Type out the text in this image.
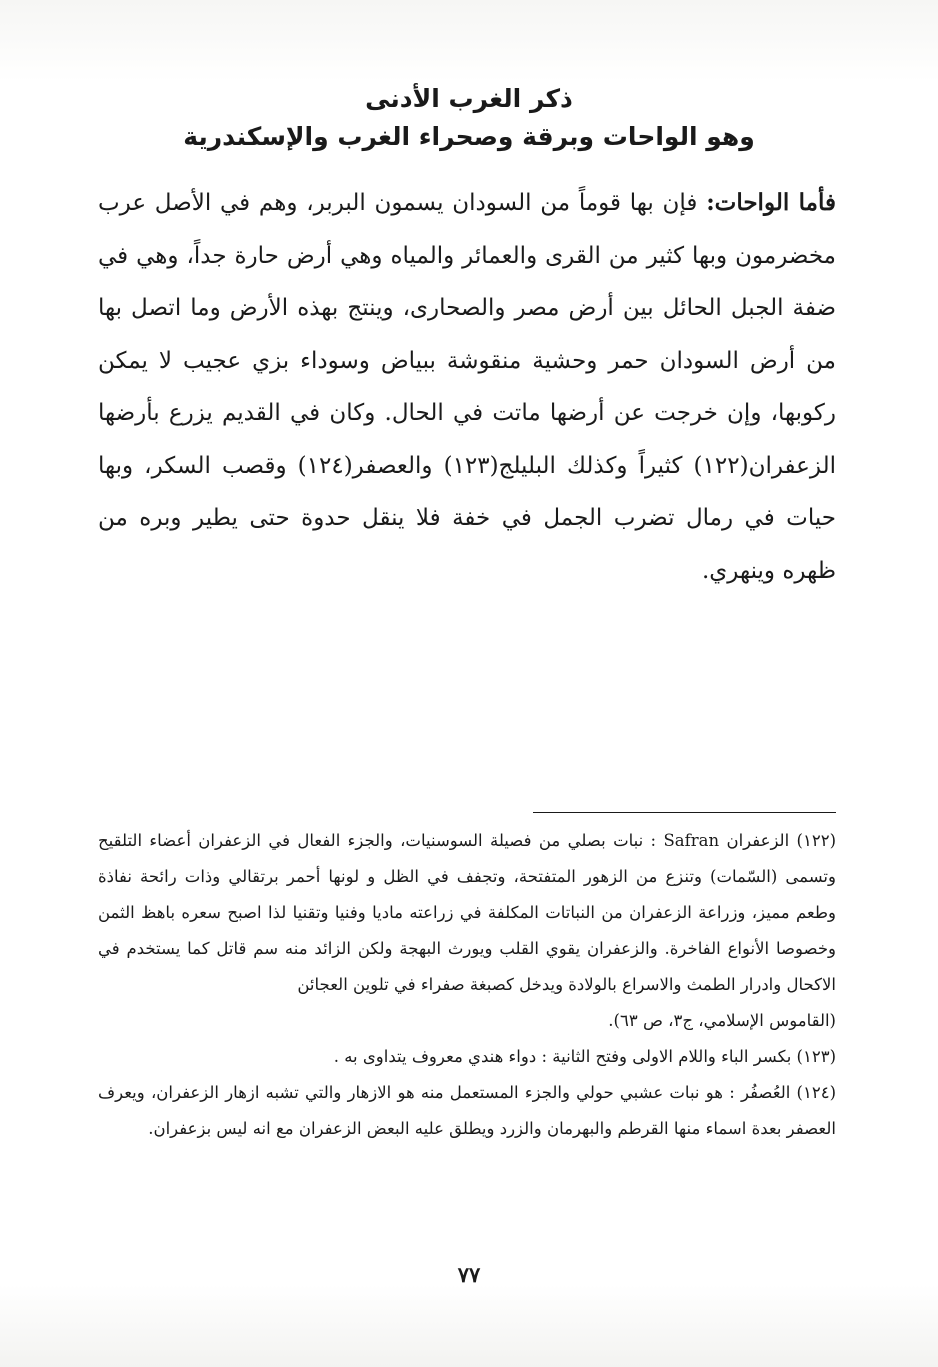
ذكر الغرب الأدنى

وهو الواحات وبرقة وصحراء الغرب والإسكندرية

فأما الواحات: فإن بها قوماً من السودان يسمون البربر، وهم في الأصل عرب مخضرمون وبها كثير من القرى والعمائر والمياه وهي أرض حارة جداً، وهي في ضفة الجبل الحائل بين أرض مصر والصحارى، وينتج بهذه الأرض وما اتصل بها من أرض السودان حمر وحشية منقوشة ببياض وسوداء بزي عجيب لا يمكن ركوبها، وإن خرجت عن أرضها ماتت في الحال. وكان في القديم يزرع بأرضها الزعفران(١٢٢) كثيراً وكذلك البليلج(١٢٣) والعصفر(١٢٤) وقصب السكر، وبها حيات في رمال تضرب الجمل في خفة فلا ينقل حدوة حتى يطير وبره من ظهره وينهري.

(١٢٢) الزعفران Safran : نبات بصلي من فصيلة السوسنيات، والجزء الفعال في الزعفران أعضاء التلقيح وتسمى (السّمات) وتنزع من الزهور المتفتحة، وتجفف في الظل و لونها أحمر برتقالي وذات رائحة نفاذة وطعم مميز، وزراعة الزعفران من النباتات المكلفة في زراعته ماديا وفنيا وتقنيا لذا اصبح سعره باهظ الثمن وخصوصا الأنواع الفاخرة. والزعفران يقوي القلب ويورث البهجة ولكن الزائد منه سم قاتل كما يستخدم في الاكحال وادرار الطمث والاسراع بالولادة ويدخل كصبغة صفراء في تلوين العجائن

(القاموس الإسلامي، ج٣، ص ٦٣).

(١٢٣) بكسر الباء واللام الاولى وفتح الثانية : دواء هندي معروف يتداوى به .

(١٢٤) العُصفُر : هو نبات عشبي حولي والجزء المستعمل منه هو الازهار والتي تشبه ازهار الزعفران، ويعرف العصفر بعدة اسماء منها القرطم والبهرمان والزرد ويطلق عليه البعض الزعفران مع انه ليس بزعفران.

٧٧
